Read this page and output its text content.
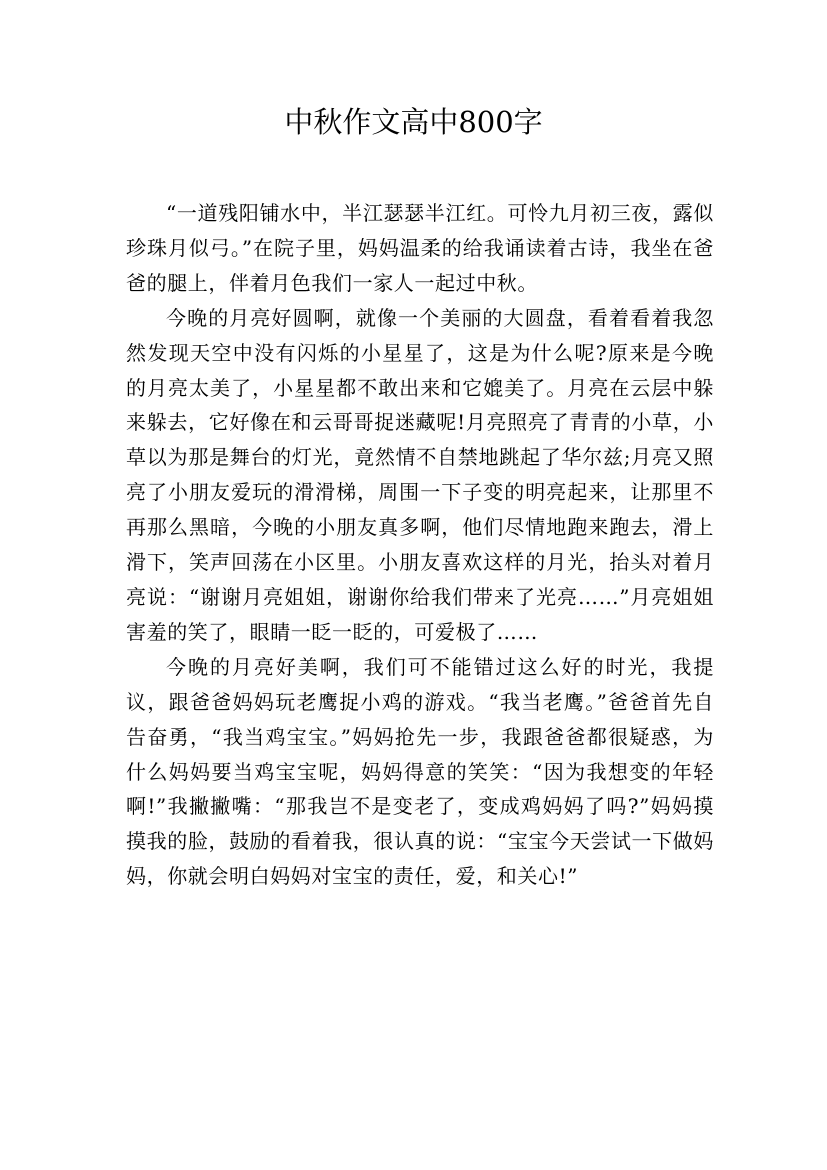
中秋作文高中800字

“一道残阳铺水中，半江瑟瑟半江红。可怜九月初三夜，露似珍珠月似弓。”在院子里，妈妈温柔的给我诵读着古诗，我坐在爸爸的腿上，伴着月色我们一家人一起过中秋。

今晚的月亮好圆啊，就像一个美丽的大圆盘，看着看着我忽然发现天空中没有闪烁的小星星了，这是为什么呢?原来是今晚的月亮太美了，小星星都不敢出来和它媲美了。月亮在云层中躲来躲去，它好像在和云哥哥捉迷藏呢!月亮照亮了青青的小草，小草以为那是舞台的灯光，竟然情不自禁地跳起了华尔兹;月亮又照亮了小朋友爱玩的滑滑梯，周围一下子变的明亮起来，让那里不再那么黑暗，今晚的小朋友真多啊，他们尽情地跑来跑去，滑上滑下，笑声回荡在小区里。小朋友喜欢这样的月光，抬头对着月亮说：“谢谢月亮姐姐，谢谢你给我们带来了光亮……”月亮姐姐害羞的笑了，眼睛一眨一眨的，可爱极了……

今晚的月亮好美啊，我们可不能错过这么好的时光，我提议，跟爸爸妈妈玩老鹰捉小鸡的游戏。“我当老鹰。”爸爸首先自告奋勇，“我当鸡宝宝。”妈妈抢先一步，我跟爸爸都很疑惑，为什么妈妈要当鸡宝宝呢，妈妈得意的笑笑：“因为我想变的年轻啊!”我撇撇嘴：“那我岂不是变老了，变成鸡妈妈了吗?”妈妈摸摸我的脸，鼓励的看着我，很认真的说：“宝宝今天尝试一下做妈妈，你就会明白妈妈对宝宝的责任，爱，和关心!”
